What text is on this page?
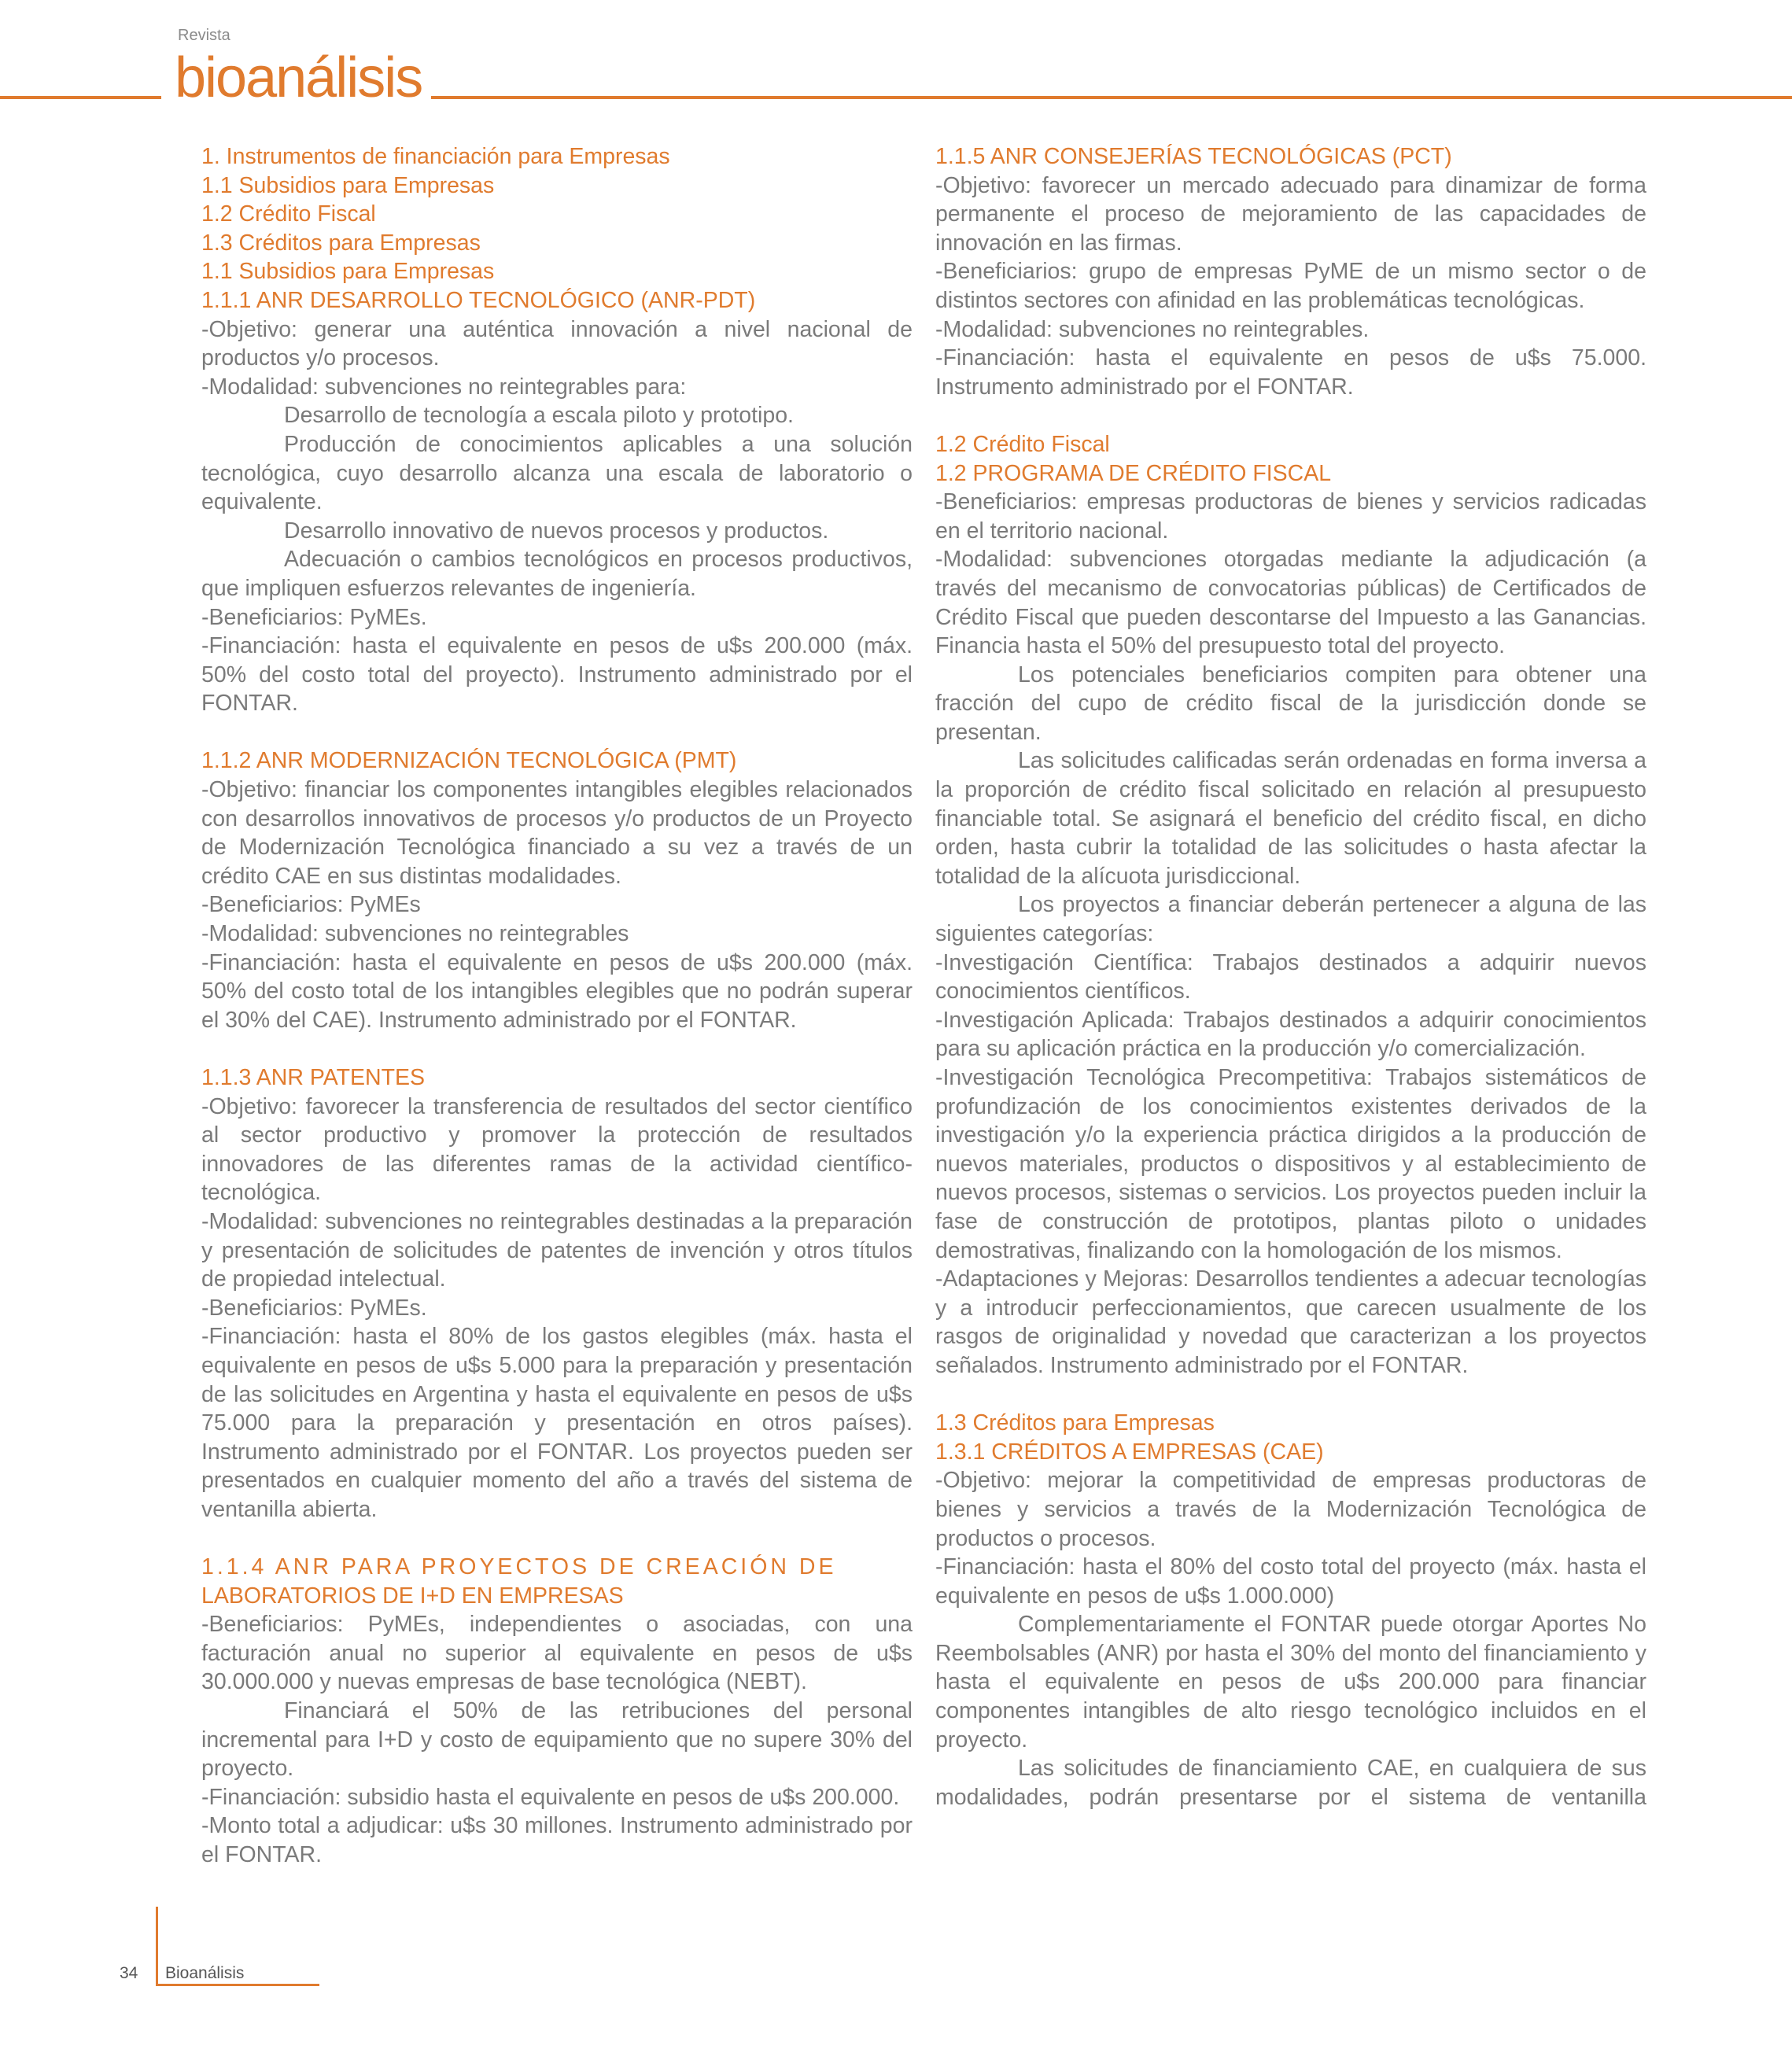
Revista
bioanálisis

1. Instrumentos de financiación para Empresas

1.1 Subsidios para Empresas

1.2 Crédito Fiscal

1.3 Créditos para Empresas

1.1 Subsidios para Empresas

1.1.1 ANR DESARROLLO TECNOLÓGICO (ANR-PDT)

-Objetivo: generar una auténtica innovación a nivel nacional de productos y/o procesos.

-Modalidad: subvenciones no reintegrables para:

Desarrollo de tecnología a escala piloto y prototipo.

Producción de conocimientos aplicables a una solución tecnológica, cuyo desarrollo alcanza una escala de laboratorio o equivalente.

Desarrollo innovativo de nuevos procesos y productos.

Adecuación o cambios tecnológicos en procesos productivos, que impliquen esfuerzos relevantes de ingeniería.

-Beneficiarios: PyMEs.

-Financiación: hasta el equivalente en pesos de u$s 200.000 (máx. 50% del costo total del proyecto). Instrumento administrado por el FONTAR.

1.1.2 ANR MODERNIZACIÓN TECNOLÓGICA (PMT)

-Objetivo: financiar los componentes intangibles elegibles relacionados con desarrollos innovativos de procesos y/o productos de un Proyecto de Modernización Tecnológica financiado a su vez a través de un crédito CAE en sus distintas modalidades.

-Beneficiarios: PyMEs

-Modalidad: subvenciones no reintegrables

-Financiación: hasta el equivalente en pesos de u$s 200.000 (máx. 50% del costo total de los intangibles elegibles que no podrán superar el 30% del CAE). Instrumento administrado por el FONTAR.

1.1.3 ANR PATENTES

-Objetivo: favorecer la transferencia de resultados del sector científico al sector productivo y promover la protección de resultados innovadores de las diferentes ramas de la actividad científico-tecnológica.

-Modalidad: subvenciones no reintegrables destinadas a la preparación y presentación de solicitudes de patentes de invención y otros títulos de propiedad intelectual.

-Beneficiarios: PyMEs.

-Financiación: hasta el 80% de los gastos elegibles (máx. hasta el equivalente en pesos de u$s 5.000 para la preparación y presentación de las solicitudes en Argentina y hasta el equivalente en pesos de u$s 75.000 para la preparación y presentación en otros países). Instrumento administrado por el FONTAR. Los proyectos pueden ser presentados en cualquier momento del año a través del sistema de ventanilla abierta.

1.1.4 ANR PARA PROYECTOS DE CREACIÓN DE

LABORATORIOS DE I+D EN EMPRESAS

-Beneficiarios: PyMEs, independientes o asociadas, con una facturación anual no superior al equivalente en pesos de u$s 30.000.000 y nuevas empresas de base tecnológica (NEBT).

Financiará el 50% de las retribuciones del personal incremental para I+D y costo de equipamiento que no supere 30% del proyecto.

-Financiación: subsidio hasta el equivalente en pesos de u$s 200.000.

-Monto total a adjudicar: u$s 30 millones. Instrumento administrado por el FONTAR.

1.1.5 ANR CONSEJERÍAS TECNOLÓGICAS (PCT)

-Objetivo: favorecer un mercado adecuado para dinamizar de forma permanente el proceso de mejoramiento de las capacidades de innovación en las firmas.

-Beneficiarios: grupo de empresas PyME de un mismo sector o de distintos sectores con afinidad en las problemáticas tecnológicas.

-Modalidad: subvenciones no reintegrables.

-Financiación: hasta el equivalente en pesos de u$s 75.000. Instrumento administrado por el FONTAR.

1.2 Crédito Fiscal

1.2 PROGRAMA DE CRÉDITO FISCAL

-Beneficiarios: empresas productoras de bienes y servicios radicadas en el territorio nacional.

-Modalidad: subvenciones otorgadas mediante la adjudicación (a través del mecanismo de convocatorias públicas) de Certificados de Crédito Fiscal que pueden descontarse del Impuesto a las Ganancias. Financia hasta el 50% del presupuesto total del proyecto.

Los potenciales beneficiarios compiten para obtener una fracción del cupo de crédito fiscal de la jurisdicción donde se presentan.

Las solicitudes calificadas serán ordenadas en forma inversa a la proporción de crédito fiscal solicitado en relación al presupuesto financiable total. Se asignará el beneficio del crédito fiscal, en dicho orden, hasta cubrir la totalidad de las solicitudes o hasta afectar la totalidad de la alícuota jurisdiccional.

Los proyectos a financiar deberán pertenecer a alguna de las siguientes categorías:

-Investigación Científica: Trabajos destinados a adquirir nuevos conocimientos científicos.

-Investigación Aplicada: Trabajos destinados a adquirir conocimientos para su aplicación práctica en la producción y/o comercialización.

-Investigación Tecnológica Precompetitiva: Trabajos sistemáticos de profundización de los conocimientos existentes derivados de la investigación y/o la experiencia práctica dirigidos a la producción de nuevos materiales, productos o dispositivos y al establecimiento de nuevos procesos, sistemas o servicios. Los proyectos pueden incluir la fase de construcción de prototipos, plantas piloto o unidades demostrativas, finalizando con la homologación de los mismos.

-Adaptaciones y Mejoras: Desarrollos tendientes a adecuar tecnologías y a introducir perfeccionamientos, que carecen usualmente de los rasgos de originalidad y novedad que caracterizan a los proyectos señalados. Instrumento administrado por el FONTAR.

1.3 Créditos para Empresas

1.3.1 CRÉDITOS A EMPRESAS (CAE)

-Objetivo: mejorar la competitividad de empresas productoras de bienes y servicios a través de la Modernización Tecnológica de productos o procesos.

-Financiación: hasta el 80% del costo total del proyecto (máx. hasta el equivalente en pesos de u$s 1.000.000)

Complementariamente el FONTAR puede otorgar Aportes No Reembolsables (ANR) por hasta el 30% del monto del financiamiento y hasta el equivalente en pesos de u$s 200.000 para financiar componentes intangibles de alto riesgo tecnológico incluidos en el proyecto.

Las solicitudes de financiamiento CAE, en cualquiera de sus modalidades, podrán presentarse por el sistema de ventanilla

34 Bioanálisis
